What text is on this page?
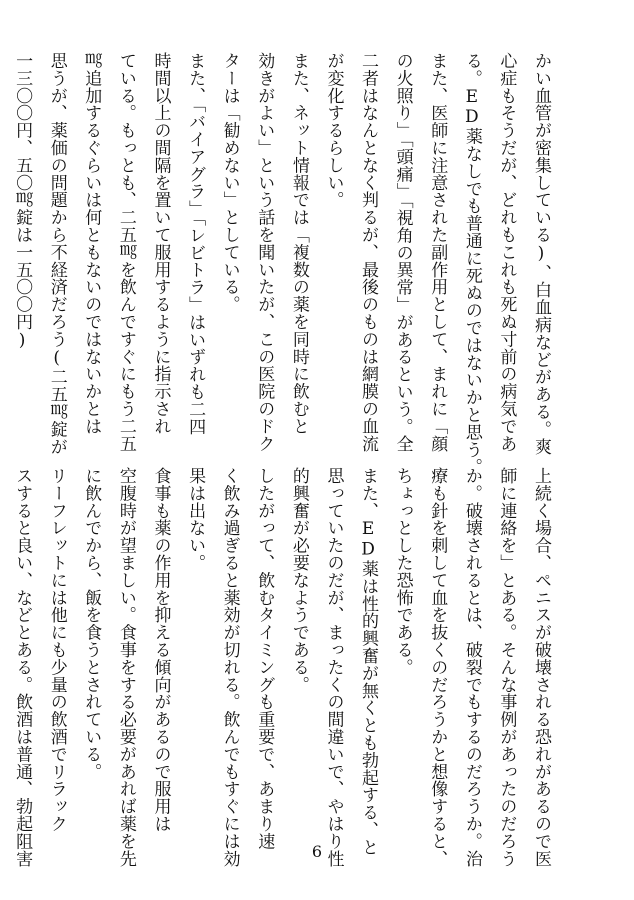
かい血管が密集している)、白血病などがある。爽
心症もそうだが、どれもこれも死ぬ寸前の病気であ
る。ED薬なしでも普通に死ぬのではないかと思う。
また、医師に注意された副作用として、まれに「顔
の火照り」「頭痛」「視角の異常」があるという。全
二者はなんとなく判るが、最後のものは網膜の血流
が変化するらしい。
また、ネット情報では「複数の薬を同時に飲むと
効きがよい」という話を聞いたが、この医院のドク
ターは「勧めない」としている。
また、「バイアグラ」「レビトラ」はいずれも二四
時間以上の間隔を置いて服用するように指示され
ている。もっとも、二五㎎を飲んですぐにもう二五
㎎追加するぐらいは何ともないのではないかとは
思うが、薬価の問題から不経済だろう(二五㎎錠が
一三〇〇円、五〇㎎錠は一五〇〇円)
上続く場合、ペニスが破壊される恐れがあるので医
師に連絡を」とある。そんな事例があったのだろう
か。破壊されるとは、破裂でもするのだろうか。治
療も針を刺して血を抜くのだろうかと想像すると、
ちょっとした恐怖である。
また、ED薬は性的興奮が無くとも勃起する、と
思っていたのだが、まったくの間違いで、やはり性
的興奮が必要なようである。
したがって、飲むタイミングも重要で、あまり速
く飲み過ぎると薬効が切れる。飲んでもすぐには効
果は出ない。
食事も薬の作用を抑える傾向があるので服用は
空腹時が望ましい。食事をする必要があれば薬を先
に飲んでから、飯を食うとされている。
リーフレットには他にも少量の飲酒でリラック
スすると良い、などとある。飲酒は普通、勃起阻害	6
